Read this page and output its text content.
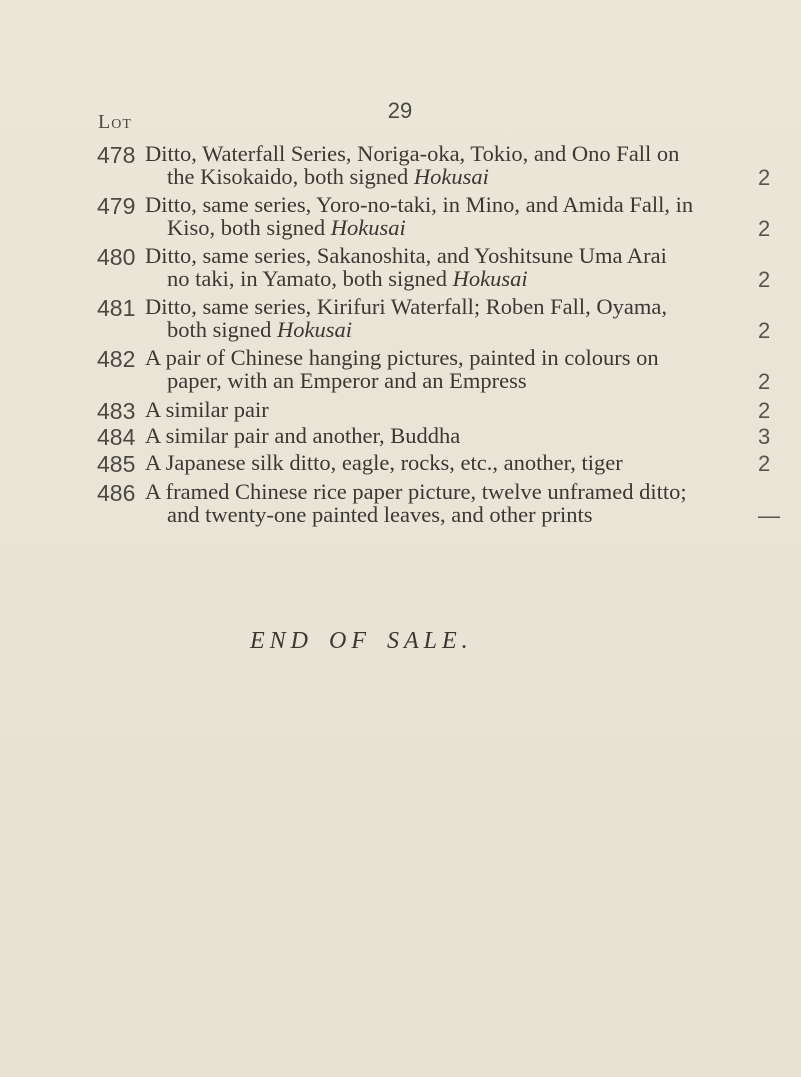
29
Lot
478 Ditto, Waterfall Series, Noriga-oka, Tokio, and Ono Fall on
the Kisokaido, both signed Hokusai	2
479 Ditto, same series, Yoro-no-taki, in Mino, and Amida Fall, in
Kiso, both signed Hokusai	2
480 Ditto, same series, Sakanoshita, and Yoshitsune Uma Arai
no taki, in Yamato, both signed Hokusai	2
481 Ditto, same series, Kirifuri Waterfall; Roben Fall, Oyama,
both signed Hokusai	2
482 A pair of Chinese hanging pictures, painted in colours on
paper, with an Emperor and an Empress	2
483 A similar pair	2
484 A similar pair and another, Buddha	3
485 A Japanese silk ditto, eagle, rocks, etc., another, tiger	2
486 A framed Chinese rice paper picture, twelve unframed ditto;
and twenty-one painted leaves, and other prints	—
END OF SALE.
